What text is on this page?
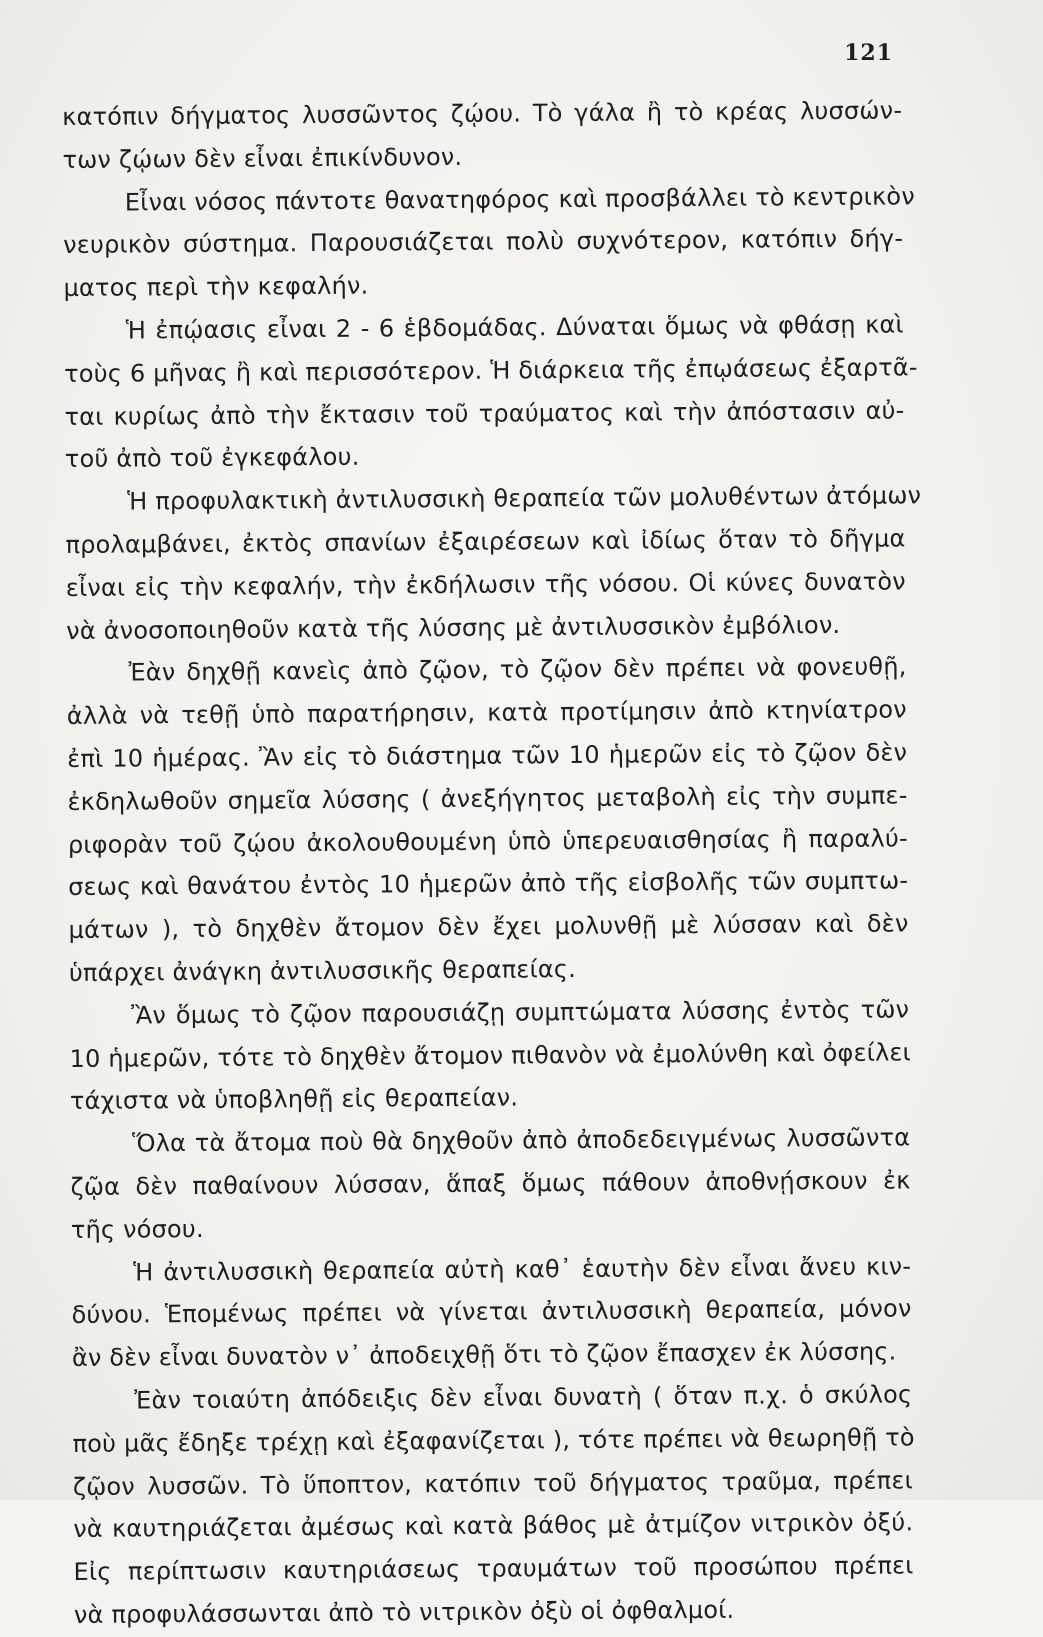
121
κατόπιν δήγματος λυσσῶντος ζῴου. Τὸ γάλα ἢ τὸ κρέας λυσσών-
των ζῴων δὲν εἶναι ἐπικίνδυνον.
Εἶναι νόσος πάντοτε θανατηφόρος καὶ προσβάλλει τὸ κεντρικὸν
νευρικὸν σύστημα. Παρουσιάζεται πολὺ συχνότερον, κατόπιν δήγ-
ματος περὶ τὴν κεφαλήν.
Ἡ ἐπῴασις εἶναι 2 - 6 ἑβδομάδας. Δύναται ὅμως νὰ φθάσῃ καὶ
τοὺς 6 μῆνας ἢ καὶ περισσότερον. Ἡ διάρκεια τῆς ἐπῳάσεως ἐξαρτᾶ-
ται κυρίως ἀπὸ τὴν ἔκτασιν τοῦ τραύματος καὶ τὴν ἀπόστασιν αὐ-
τοῦ ἀπὸ τοῦ ἐγκεφάλου.
Ἡ προφυλακτικὴ ἀντιλυσσικὴ θεραπεία τῶν μολυθέντων ἀτόμων
προλαμβάνει, ἐκτὸς σπανίων ἐξαιρέσεων καὶ ἰδίως ὅταν τὸ δῆγμα
εἶναι εἰς τὴν κεφαλήν, τὴν ἐκδήλωσιν τῆς νόσου. Οἱ κύνες δυνατὸν
νὰ ἀνοσοποιηθοῦν κατὰ τῆς λύσσης μὲ ἀντιλυσσικὸν ἐμβόλιον.
Ἐὰν δηχθῇ κανεὶς ἀπὸ ζῷον, τὸ ζῷον δὲν πρέπει νὰ φονευθῇ,
ἀλλὰ νὰ τεθῇ ὑπὸ παρατήρησιν, κατὰ προτίμησιν ἀπὸ κτηνίατρον
ἐπὶ 10 ἡμέρας. Ἂν εἰς τὸ διάστημα τῶν 10 ἡμερῶν εἰς τὸ ζῷον δὲν
ἐκδηλωθοῦν σημεῖα λύσσης ( ἀνεξήγητος μεταβολὴ εἰς τὴν συμπε-
ριφορὰν τοῦ ζῴου ἀκολουθουμένη ὑπὸ ὑπερευαισθησίας ἢ παραλύ-
σεως καὶ θανάτου ἐντὸς 10 ἡμερῶν ἀπὸ τῆς εἰσβολῆς τῶν συμπτω-
μάτων ), τὸ δηχθὲν ἄτομον δὲν ἔχει μολυνθῇ μὲ λύσσαν καὶ δὲν
ὑπάρχει ἀνάγκη ἀντιλυσσικῆς θεραπείας.
Ἂν ὅμως τὸ ζῷον παρουσιάζῃ συμπτώματα λύσσης ἐντὸς τῶν
10 ἡμερῶν, τότε τὸ δηχθὲν ἄτομον πιθανὸν νὰ ἐμολύνθη καὶ ὀφείλει
τάχιστα νὰ ὑποβληθῇ εἰς θεραπείαν.
Ὅλα τὰ ἄτομα ποὺ θὰ δηχθοῦν ἀπὸ ἀποδεδειγμένως λυσσῶντα
ζῷα δὲν παθαίνουν λύσσαν, ἅπαξ ὅμως πάθουν ἀποθνῄσκουν ἐκ
τῆς νόσου.
Ἡ ἀντιλυσσικὴ θεραπεία αὐτὴ καθ᾽ ἑαυτὴν δὲν εἶναι ἄνευ κιν-
δύνου. Ἑπομένως πρέπει νὰ γίνεται ἀντιλυσσικὴ θεραπεία, μόνον
ἂν δὲν εἶναι δυνατὸν ν᾽ ἀποδειχθῇ ὅτι τὸ ζῷον ἔπασχεν ἐκ λύσσης.
Ἐὰν τοιαύτη ἀπόδειξις δὲν εἶναι δυνατὴ ( ὅταν π.χ. ὁ σκύλος
ποὺ μᾶς ἔδηξε τρέχῃ καὶ ἐξαφανίζεται ), τότε πρέπει νὰ θεωρηθῇ τὸ
ζῷον λυσσῶν. Τὸ ὕποπτον, κατόπιν τοῦ δήγματος τραῦμα, πρέπει
νὰ καυτηριάζεται ἀμέσως καὶ κατὰ βάθος μὲ ἀτμίζον νιτρικὸν ὀξύ.
Εἰς περίπτωσιν καυτηριάσεως τραυμάτων τοῦ προσώπου πρέπει
νὰ προφυλάσσωνται ἀπὸ τὸ νιτρικὸν ὀξὺ οἱ ὀφθαλμοί.
